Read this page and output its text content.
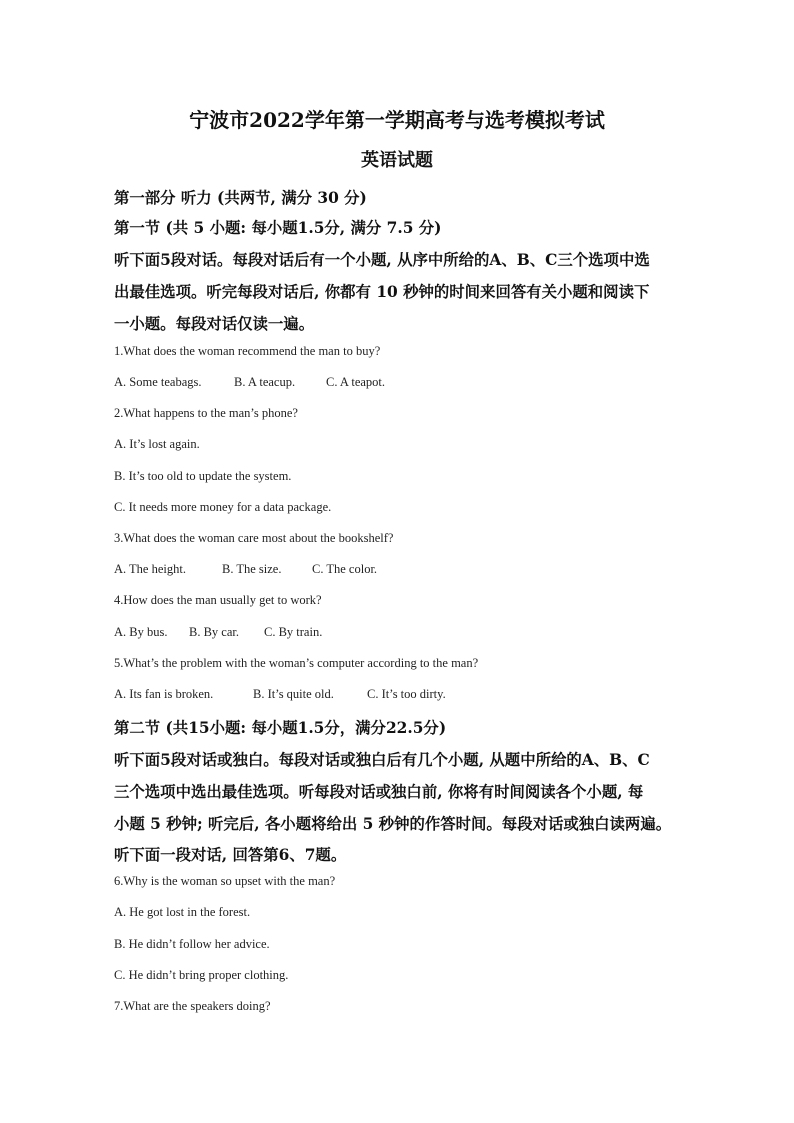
宁波市2022学年第一学期高考与选考模拟考试
英语试题
第一部分 听力 (共两节, 满分 30 分)
第一节 (共 5 小题: 每小题1.5分, 满分 7.5 分)
听下面5段对话。每段对话后有一个小题, 从序中所给的A、B、C三个选项中选
出最佳选项。听完每段对话后, 你都有 10 秒钟的时间来回答有关小题和阅读下
一小题。每段对话仅读一遍。
1.What does the woman recommend the man to buy?
A. Some teabags.	B. A teacup.	C. A teapot.
2.What happens to the man’s phone?
A. It’s lost again.
B. It’s too old to update the system.
C. It needs more money for a data package.
3.What does the woman care most about the bookshelf?
A. The height.	B. The size.	C. The color.
4.How does the man usually get to work?
A. By bus.	B. By car.	C. By train.
5.What’s the problem with the woman’s computer according to the man?
A. Its fan is broken.	B. It’s quite old.	C. It’s too dirty.
第二节 (共15小题: 每小题1.5分，满分22.5分)
听下面5段对话或独白。每段对话或独白后有几个小题, 从题中所给的A、B、C
三个选项中选出最佳选项。听每段对话或独白前, 你将有时间阅读各个小题, 每
小题 5 秒钟; 听完后, 各小题将给出 5 秒钟的作答时间。每段对话或独白读两遍。
听下面一段对话, 回答第6、7题。
6.Why is the woman so upset with the man?
A. He got lost in the forest.
B. He didn’t follow her advice.
C. He didn’t bring proper clothing.
7.What are the speakers doing?
